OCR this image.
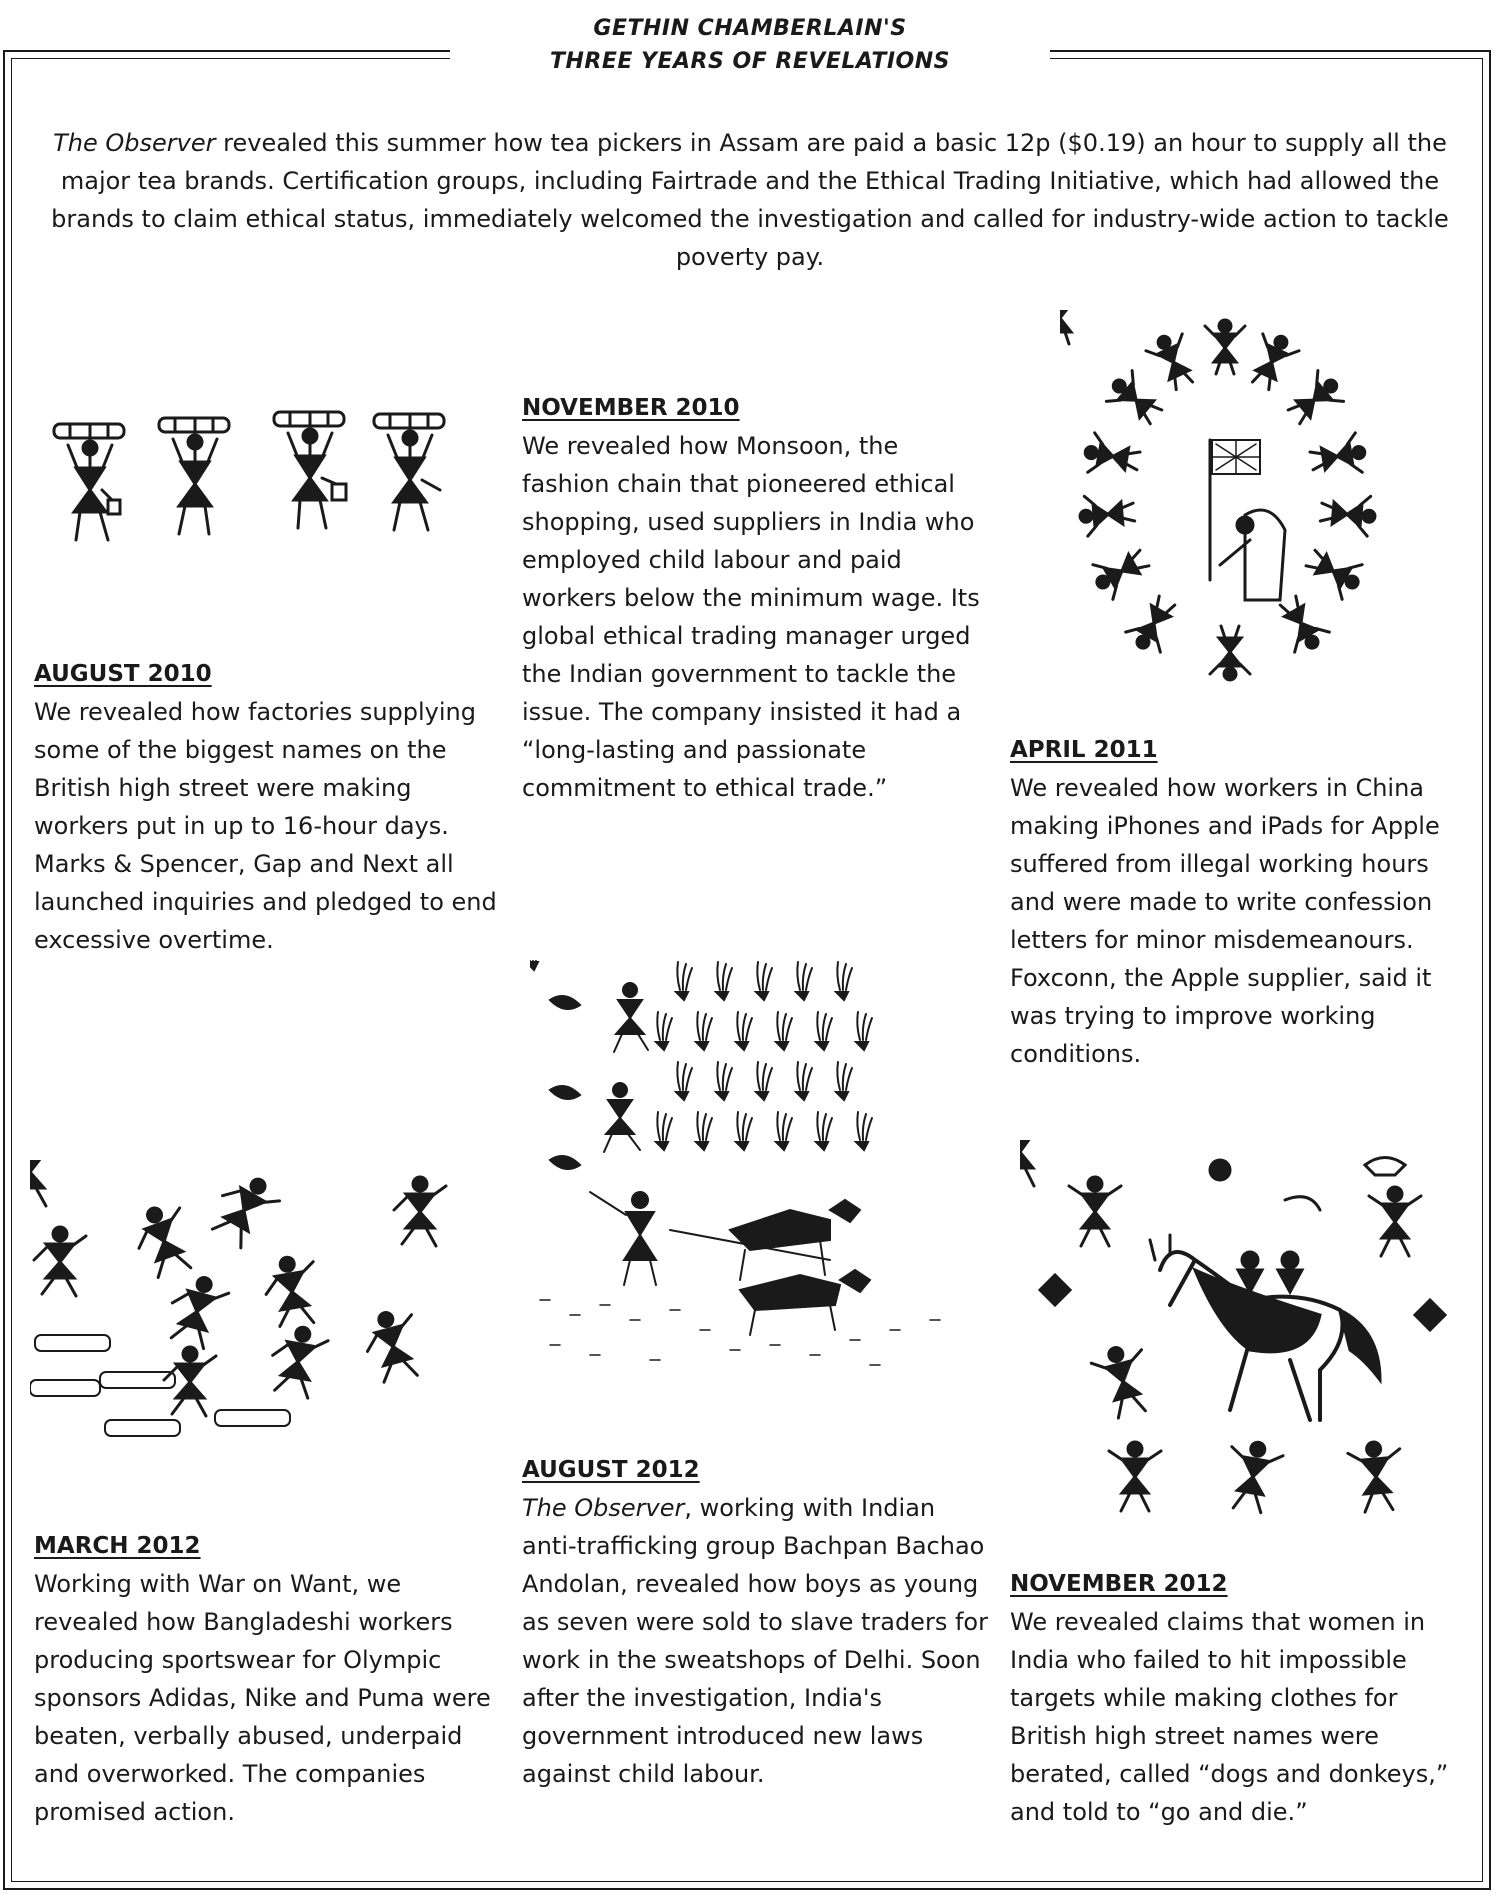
GETHIN CHAMBERLAIN'S
THREE YEARS OF REVELATIONS
The Observer revealed this summer how tea pickers in Assam are paid a basic 12p ($0.19) an hour to supply all the major tea brands. Certification groups, including Fairtrade and the Ethical Trading Initiative, which had allowed the brands to claim ethical status, immediately welcomed the investigation and called for industry-wide action to tackle poverty pay.
AUGUST 2010

We revealed how factories supplying some of the biggest names on the British high street were making workers put in up to 16-hour days. Marks & Spencer, Gap and Next all launched inquiries and pledged to end excessive overtime.

NOVEMBER 2010

We revealed how Monsoon, the fashion chain that pioneered ethical shopping, used suppliers in India who employed child labour and paid workers below the minimum wage. Its global ethical trading manager urged the Indian government to tackle the issue. The company insisted it had a “long-lasting and passionate commitment to ethical trade.”

APRIL 2011

We revealed how workers in China making iPhones and iPads for Apple suffered from illegal working hours and were made to write confession letters for minor misdemeanours. Foxconn, the Apple supplier, said it was trying to improve working conditions.

MARCH 2012

Working with War on Want, we revealed how Bangladeshi workers producing sportswear for Olympic sponsors Adidas, Nike and Puma were beaten, verbally abused, underpaid and overworked. The companies promised action.

AUGUST 2012

The Observer, working with Indian anti-trafficking group Bachpan Bachao Andolan, revealed how boys as young as seven were sold to slave traders for work in the sweatshops of Delhi. Soon after the investigation, India's government introduced new laws against child labour.

NOVEMBER 2012

We revealed claims that women in India who failed to hit impossible targets while making clothes for British high street names were berated, called “dogs and donkeys,” and told to “go and die.”
